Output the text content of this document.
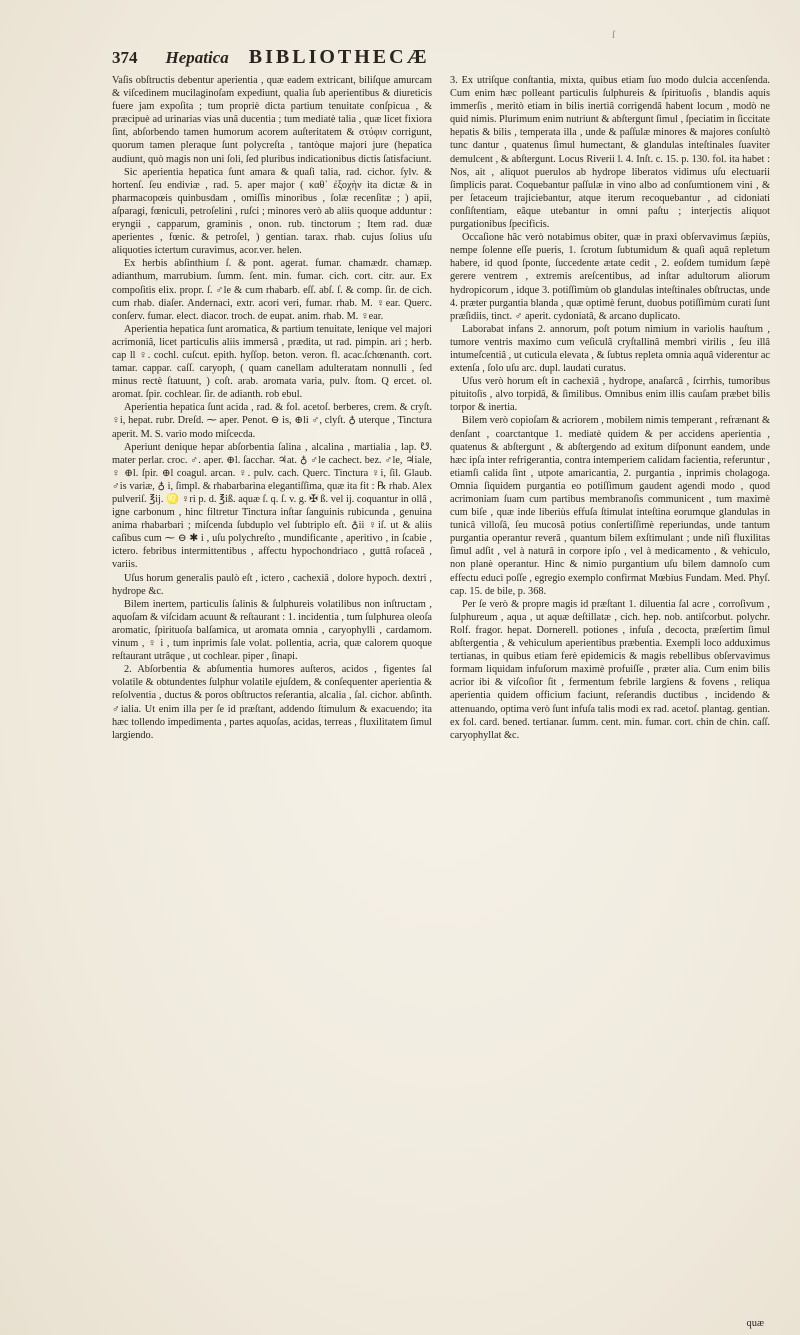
ſ
374 Hepatica BIBLIOTHECÆ

Vaſis obſtructis debentur aperientia , quæ eadem extricant, biliſque amurcam & viſcedinem mucilaginoſam expediunt, qualia ſub aperientibus & diureticis fuere jam expoſita ; tum propriè dicta partium tenuitate conſpicua , & præcipuè ad urinarias vias unâ ducentia ; tum mediatè talia , quæ licet fixiora ſint, abſorbendo tamen humorum acorem auſteritatem & στύφιν corrigunt, quorum tamen pleraque ſunt polycreſta , tantòque majori jure (hepatica audiunt, quò magis non uni ſoli, ſed pluribus indicationibus dictis ſatisfaciunt.

Sic aperientia hepatica ſunt amara & quaſi talia, rad. cichor. ſylv. & hortenſ. ſeu endiviæ , rad. 5. aper major ( καθ᾽ ἐξοχὴν ita dictæ & in pharmacopœis quinbusdam , omiſſis minoribus , ſolæ recenſitæ ; ) apii, aſparagi, fœniculi, petroſelini , ruſci ; minores verò ab aliis quoque adduntur : eryngii , capparum, graminis , onon. rub. tinctorum ; Item rad. duæ aperientes , fœnic. & petroſel, ) gentian. tarax. rhab. cujus ſolius uſu aliquoties ictertum curavimus, acor.ver. helen.

Ex herbis abſinthium ſ. & pont. agerat. fumar. chamædr. chamæp. adianthum, marrubium. ſumm. ſent. min. fumar. cich. cort. citr. aur. Ex compoſitis elix. propr. ſ. ♂le & cum rhabarb. eſſ. abſ. ſ. & comp. ſir. de cich. cum rhab. diaſer. Andernaci, extr. acori veri, fumar. rhab. M. ♀ear. Querc. conſerv. fumar. elect. diacor. troch. de eupat. anim. rhab. M. ♀ear.

Aperientia hepatica ſunt aromatica, & partium tenuitate, lenique vel majori acrimoniâ, licet particulis aliis immersâ , prædita, ut rad. pimpin. ari ; herb. cap ll ♀. cochl. cuſcut. epith. hyſſop. beton. veron. fl. acac.ſchœnanth. cort. tamar. cappar. caſſ. caryoph, ( quam canellam adulteratam nonnulli , ſed minus rectè ſtatuunt, ) coſt. arab. aromata varia, pulv. ſtom. Q ercet. ol. aromat. ſpir. cochlear. ſir. de adianth. rob ebul.

Aperientia hepatica ſunt acida , rad. & fol. acetoſ. berberes, crem. & cryſt. ♀i, hepat. rubr. Dreſd. ⁓ aper. Penot. ⊖ is, ⊕li ♂, clyſt. ♁ uterque , Tinctura aperit. M. S. vario modo miſcecda.

Aperiunt denique hepar abſorbentia ſalina , alcalina , martialia , lap. ☋. mater perlar. croc. ♂. aper. ⊕l. ſacchar. ♃at. ♁ ♂le cachect. bez. ♂le, ♃iale, ♀ ⊕l. ſpir. ⊕l coagul. arcan. ♀. pulv. cach. Querc. Tinctura ♀i, ſil. Glaub. ♂is variæ, ♁ i, ſimpl. & rhabarbarina elegantiſſima, quæ ita fit : ℞ rhab. Alex pulveriſ. ℥ij. ♌ ♀ri p. d. ℥iß. aquæ ſ. q. ſ. v. g. ✠ ß. vel ij. coquantur in ollâ , igne carbonum , hinc filtretur Tinctura inſtar ſanguinis rubicunda , genuina anima rhabarbari ; miſcenda ſubduplo vel ſubtriplo eſt. ♁ii ♀iſ. ut & aliis caſibus cum ⁓ ⊖ ✱ i , uſu polychreſto , mundificante , aperitivo , in ſcabie , ictero. febribus intermittentibus , affectu hypochondriaco , guttâ roſaceâ , variis.

Uſus horum generalis paulò eſt , ictero , cachexiâ , dolore hypoch. dextri , hydrope &c.

Bilem inertem, particulis ſalinis & ſulphureis volatilibus non inſtructam , aquoſam & viſcidam acuunt & reſtaurant : 1. incidentia , tum ſulphurea oleoſa aromatic, ſpirituoſa balſamica, ut aromata omnia , caryophylli , cardamom. vinum , ♀ i , tum inprimis ſale volat. pollentia, acria, quæ calorem quoque reſtaurant utrâque , ut cochlear. piper , ſinapi.

2. Abſorbentia & abſumentia humores auſteros, acidos , figentes ſal volatile & obtundentes ſulphur volatile ejuſdem, & conſequenter aperientia & reſolventia , ductus & poros obſtructos reſerantia, alcalia , ſal. cichor. abſinth. ♂ialia. Ut enim illa per ſe id præſtant, addendo ſtimulum & exacuendo; ita hæc tollendo impedimenta , partes aquoſas, acidas, terreas , fluxilitatem ſimul largiendo.

3. Ex utriſque conſtantia, mixta, quibus etiam ſuo modo dulcia accenſenda. Cum enim hæc polleant particulis ſulphureis & ſpirituoſis , blandis aquis immerſis , meritò etiam in bilis inertiâ corrigendâ habent locum , modò ne quid nimis. Plurimum enim nutriunt & abſtergunt ſimul , ſpeciatim in ſiccitate hepatis & bilis , temperata illa , unde & paſſulæ minores & majores conſultò tunc dantur , quatenus ſimul humectant, & glandulas inteſtinales ſuaviter demulcent , & abſtergunt. Locus Riverii l. 4. Inſt. c. 15. p. 130. fol. ita habet : Nos, ait , aliquot puerulos ab hydrope liberatos vidimus uſu electuarii ſimplicis parat. Coquebantur paſſulæ in vino albo ad conſumtionem vini , & per ſetaceum trajiciebantur, atque iterum recoquebantur , ad cidoniati conſiſtentiam, eâque utebantur in omni paſtu ; interjectis aliquot purgationibus ſpecificis.

Occaſione hâc verò notabimus obiter, quæ in praxi obſervavimus ſæpiùs, nempe ſolenne eſſe pueris, 1. ſcrotum ſubtumidum & quaſi aquâ repletum habere, id quod ſponte, ſuccedente ætate cedit , 2. eoſdem tumidum ſæpè gerere ventrem , extremis areſcentibus, ad inſtar adultorum aliorum hydropicorum , idque 3. potiſſimùm ob glandulas inteſtinales obſtructas, unde 4. præter purgantia blanda , quæ optimè ferunt, duobus potiſſimùm curati ſunt præſidiis, tinct. ♂ aperit. cydoniatâ, & arcano duplicato.

Laborabat infans 2. annorum, poſt potum nimium in variolis hauſtum , tumore ventris maximo cum veſiculâ cryſtallinâ membri virilis , ſeu illâ intumeſcentiâ , ut cuticula elevata , & ſubtus repleta omnia aquâ viderentur ac extenſa , ſolo uſu arc. dupl. laudati curatus.

Uſus verò horum eſt in cachexiâ , hydrope, anaſarcâ , ſcirrhis, tumoribus pituitoſis , alvo torpidâ, & ſimilibus. Omnibus enim illis cauſam præbet bilis torpor & inertia.

Bilem verò copioſam & acriorem , mobilem nimis temperant , refrænant & denſant , coarctantque 1. mediatè quidem & per accidens aperientia , quatenus & abſtergunt , & abſtergendo ad exitum diſponunt eandem, unde hæc ipſa inter refrigerantia, contra intemperiem calidam facientia, referuntur , etiamſi calida ſint , utpote amaricantia, 2. purgantia , inprimis cholagoga. Omnia ſiquidem purgantia eo potiſſimum gaudent agendi modo , quod acrimoniam ſuam cum partibus membranoſis communicent , tum maximè cum biſe , quæ inde liberiùs effuſa ſtimulat inteſtina eorumque glandulas in tunicâ villoſâ, ſeu mucosâ potius conſertiſſimè reperiundas, unde tantum purgantia operantur reverâ , quantum bilem exſtimulant ; unde niſi fluxilitas ſimul adſit , vel à naturâ in corpore ipſo , vel à medicamento , & vehiculo, non planè operantur. Hinc & nimio purgantium uſu bilem damnoſo cum effectu educi poſſe , egregio exemplo confirmat Mœbius Fundam. Med. Phyſ. cap. 15. de bile, p. 368.

Per ſe verò & propre magis id præſtant 1. diluentia ſal acre , corroſivum , ſulphureum , aqua , ut aquæ deſtillatæ , cich. hep. nob. antiſcorbut. polychr. Rolf. fragor. hepat. Dornerell. potiones , infuſa , decocta, præſertim ſimul abſtergentia , & vehiculum aperientibus præbentia. Exempli loco adduximus tertianas, in quibus etiam ferè epidemicis & magis rebellibus obſervavimus formam liquidam infuſorum maximè profuiſſe , præter alia. Cum enim bilis acrior ibi & viſcoſior ſit , fermentum febrile largiens & fovens , reliqua aperientia quidem officium faciunt, reſerandis ductibus , incidendo & attenuando, optima verò ſunt infuſa talis modi ex rad. acetoſ. plantag. gentian. ex fol. card. bened. tertianar. ſumm. cent. min. fumar. cort. chin de chin. caſſ. caryophyllat &c.

quæ
